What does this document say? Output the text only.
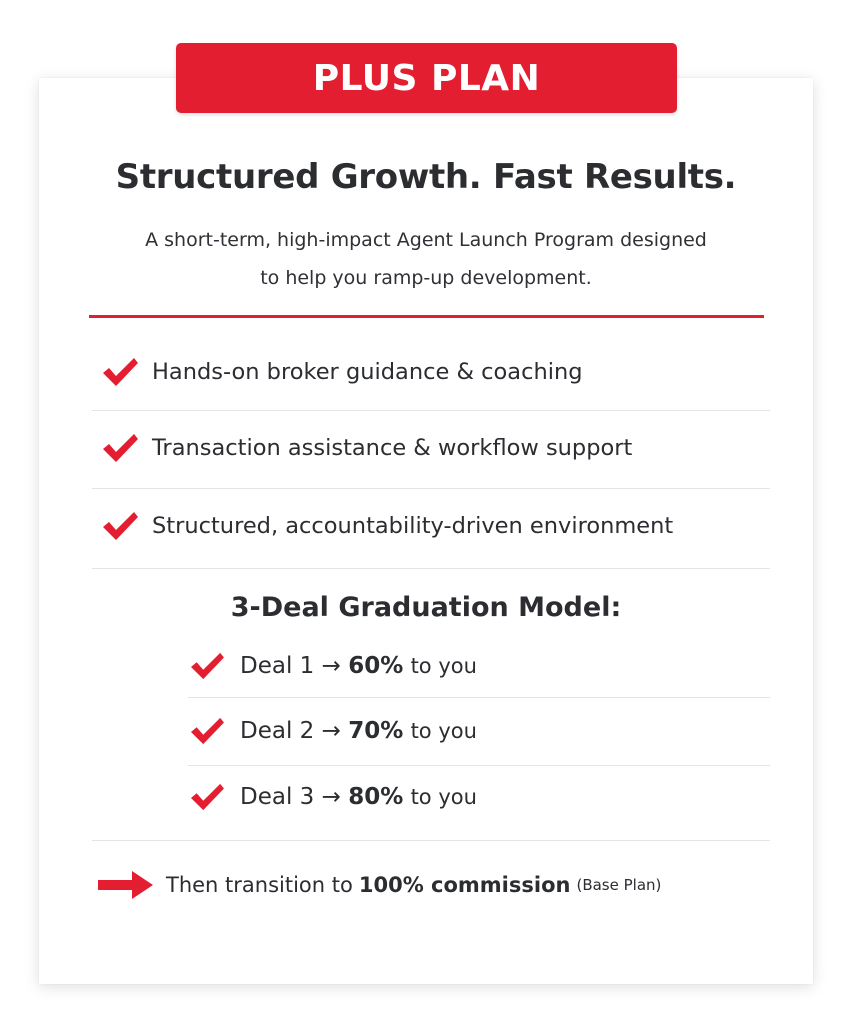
PLUS PLAN
Structured Growth. Fast Results.
A short-term, high-impact Agent Launch Program designed
to help you ramp-up development.
Hands-on broker guidance & coaching
Transaction assistance & workflow support
Structured, accountability-driven environment
3-Deal Graduation Model:
Deal 1 → 60% to you
Deal 2 → 70% to you
Deal 3 → 80% to you
Then transition to 100% commission (Base Plan)
